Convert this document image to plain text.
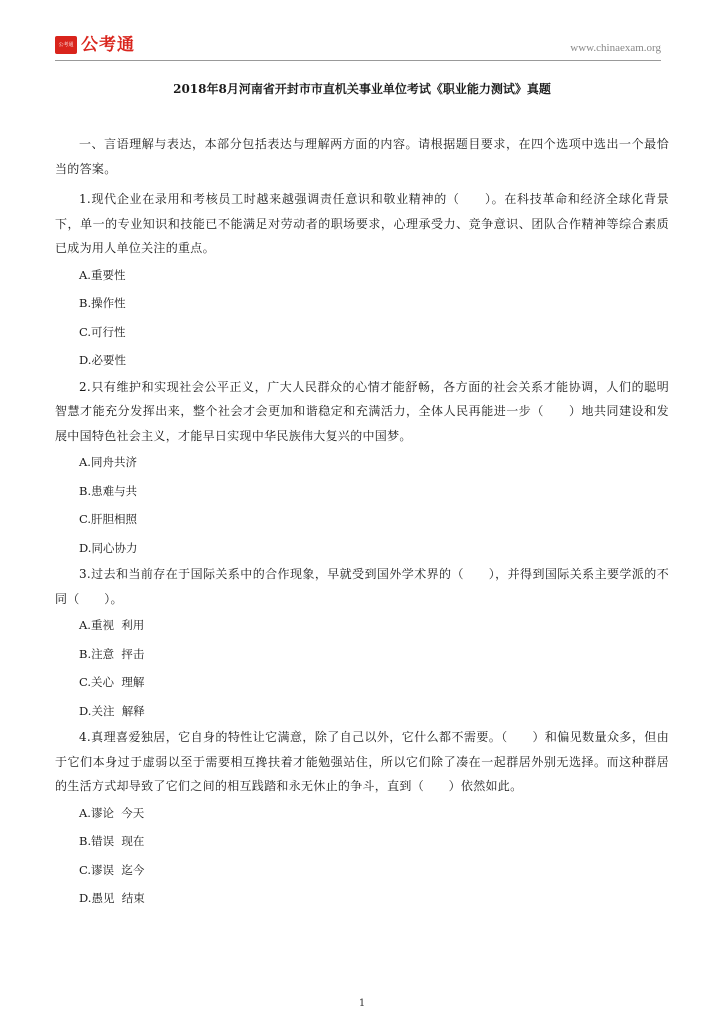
公考通 公考通	www.chinaexam.org
2018年8月河南省开封市市直机关事业单位考试《职业能力测试》真题

一、言语理解与表达，本部分包括表达与理解两方面的内容。请根据题目要求，在四个选项中选出一个最恰当的答案。

1.现代企业在录用和考核员工时越来越强调责任意识和敬业精神的（　　）。在科技革命和经济全球化背景下，单一的专业知识和技能已不能满足对劳动者的职场要求，心理承受力、竞争意识、团队合作精神等综合素质已成为用人单位关注的重点。

A.重要性

B.操作性

C.可行性

D.必要性

2.只有维护和实现社会公平正义，广大人民群众的心情才能舒畅，各方面的社会关系才能协调，人们的聪明智慧才能充分发挥出来，整个社会才会更加和谐稳定和充满活力，全体人民再能进一步（　　）地共同建设和发展中国特色社会主义，才能早日实现中华民族伟大复兴的中国梦。

A.同舟共济

B.患难与共

C.肝胆相照

D.同心协力

3.过去和当前存在于国际关系中的合作现象，早就受到国外学术界的（　　），并得到国际关系主要学派的不同（　　）。

A.重视  利用

B.注意  抨击

C.关心  理解

D.关注  解释

4.真理喜爱独居，它自身的特性让它满意，除了自己以外，它什么都不需要。（　　）和偏见数量众多，但由于它们本身过于虚弱以至于需要相互搀扶着才能勉强站住，所以它们除了凑在一起群居外别无选择。而这种群居的生活方式却导致了它们之间的相互践踏和永无休止的争斗，直到（　　）依然如此。

A.谬论  今天

B.错误  现在

C.谬误  迄今

D.愚见  结束

1
